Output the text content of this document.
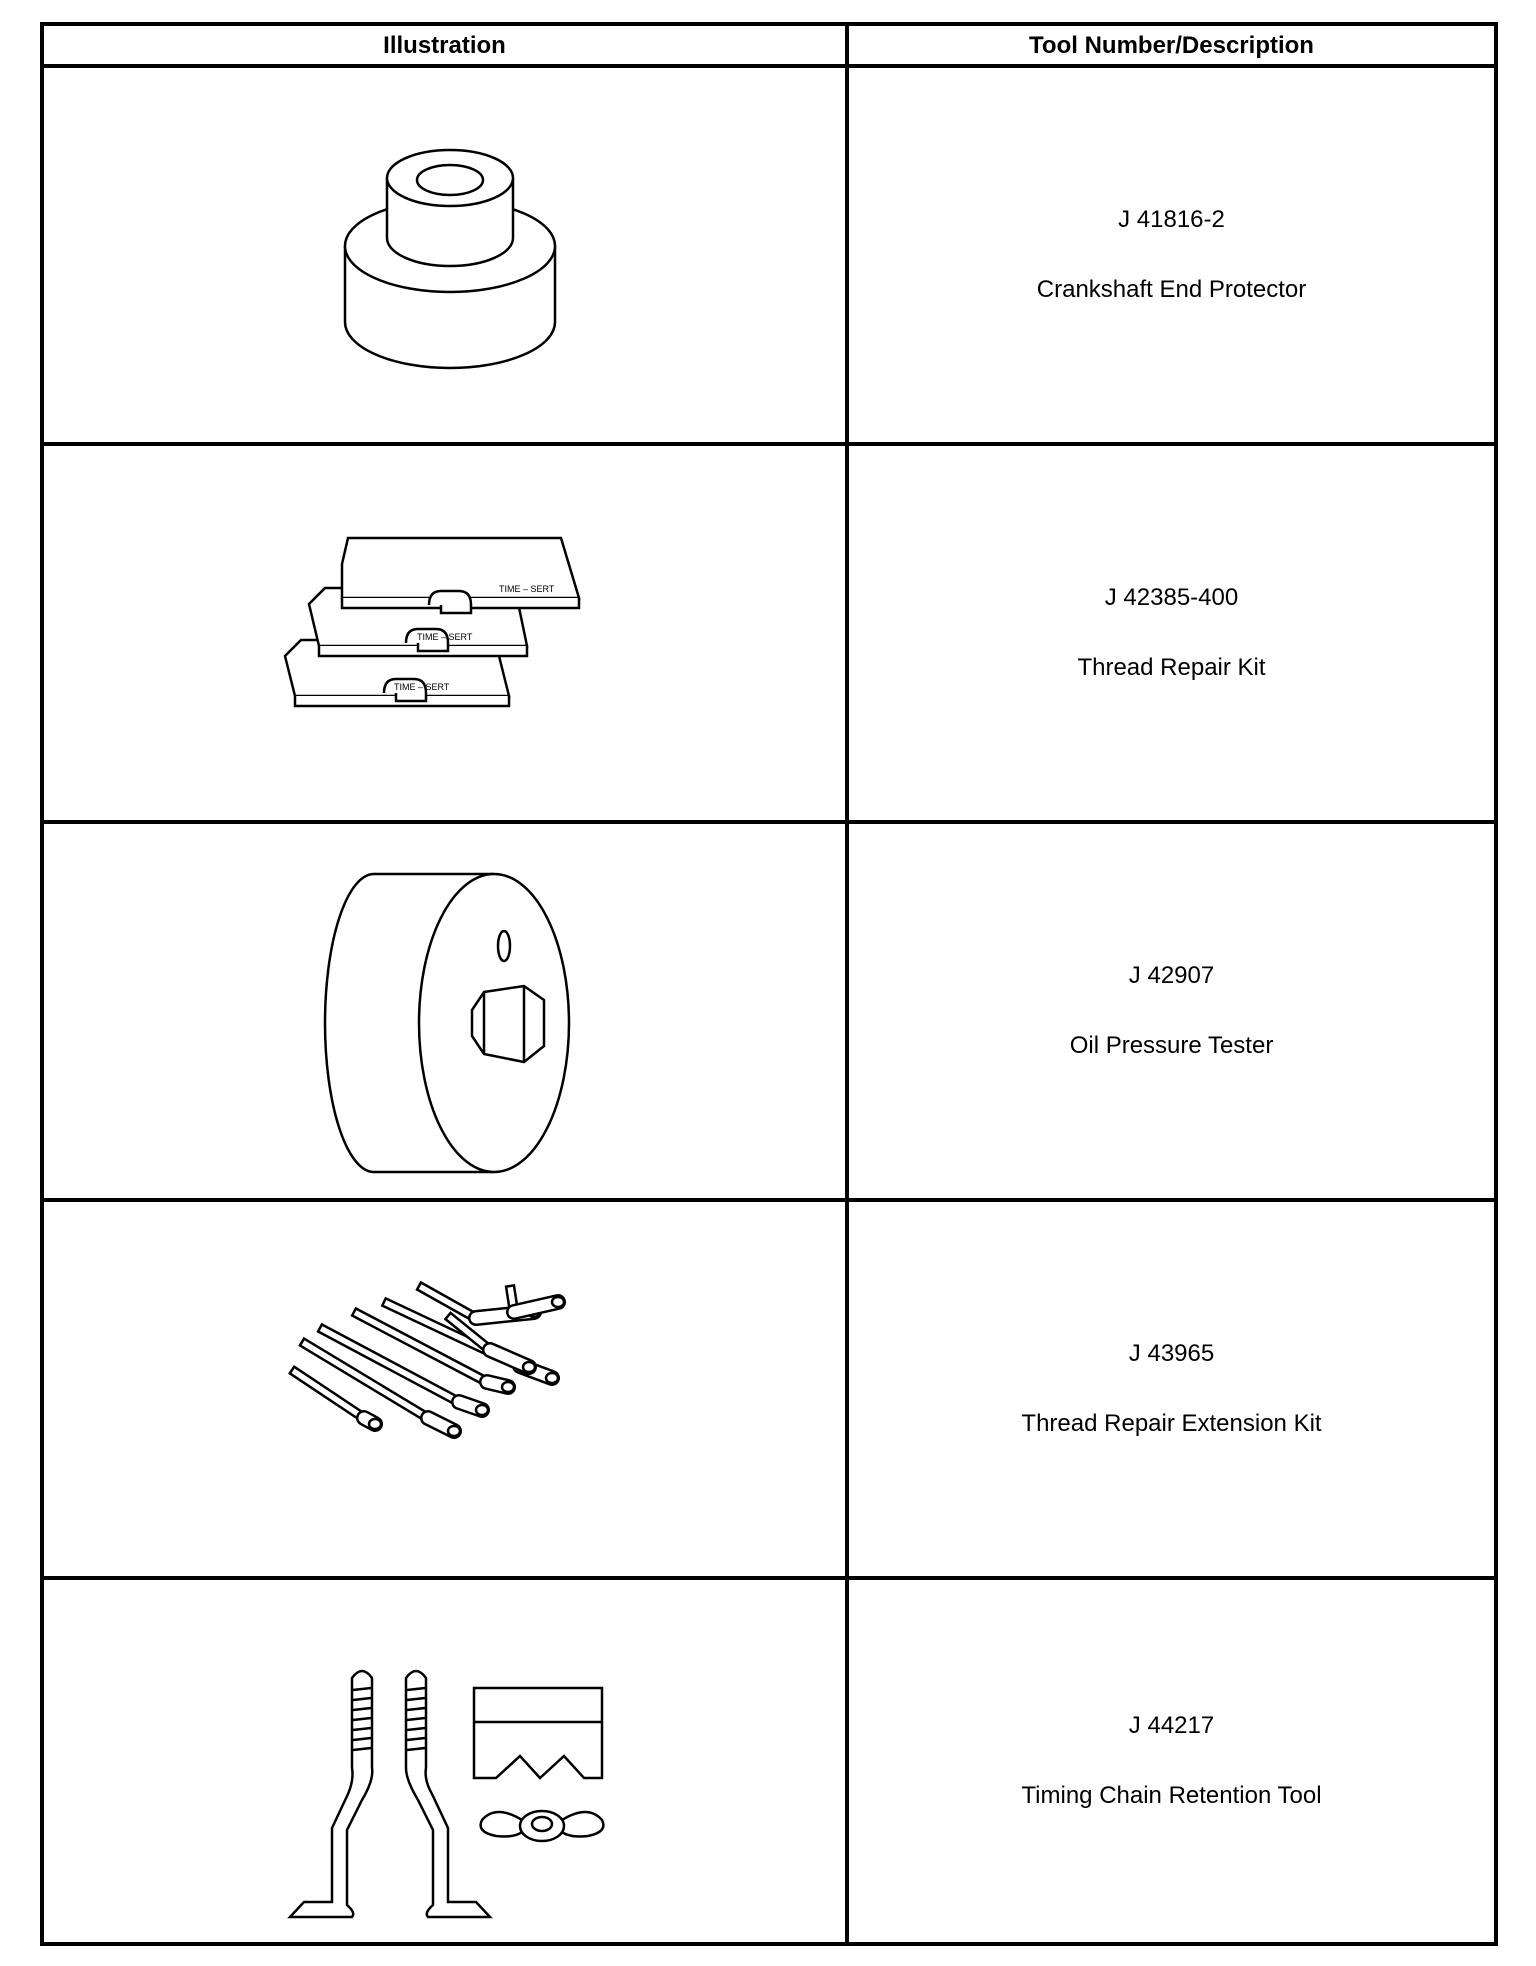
Illustration	Tool Number/Description
J 41816-2
Crankshaft End Protector
TIME – SERT
TIME – SERT
TIME – SERT	J 42385-400
Thread Repair Kit
J 42907
Oil Pressure Tester
J 43965
Thread Repair Extension Kit
J 44217
Timing Chain Retention Tool
